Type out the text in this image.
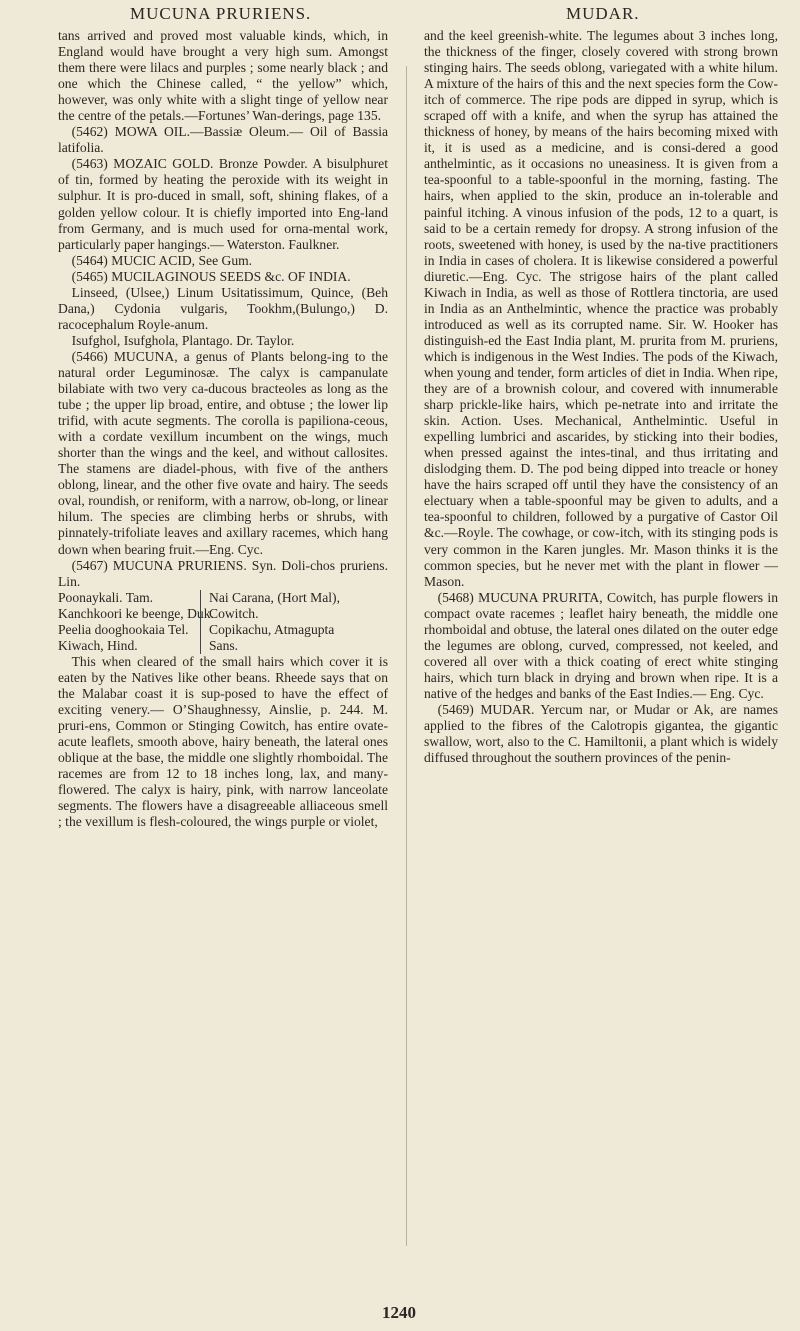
MUCUNA PRURIENS.	MUDAR.

tans arrived and proved most valuable kinds, which, in England would have brought a very high sum. Amongst them there were lilacs and purples ; some nearly black ; and one which the Chinese called, “ the yellow” which, however, was only white with a slight tinge of yellow near the centre of the petals.—Fortunes’ Wan-derings, page 135.

(5462) MOWA OIL.—Bassiæ Oleum.— Oil of Bassia latifolia.

(5463) MOZAIC GOLD. Bronze Powder. A bisulphuret of tin, formed by heating the peroxide with its weight in sulphur. It is pro-duced in small, soft, shining flakes, of a golden yellow colour. It is chiefly imported into Eng-land from Germany, and is much used for orna-mental work, particularly paper hangings.— Waterston. Faulkner.

(5464) MUCIC ACID, See Gum.

(5465) MUCILAGINOUS SEEDS &c. OF INDIA.

Linseed, (Ulsee,) Linum Usitatissimum, Quince, (Beh Dana,) Cydonia vulgaris, Tookhm,(Bulungo,) D. racocephalum Royle-anum.

Isufghol, Isufghola, Plantago. Dr. Taylor.

(5466) MUCUNA, a genus of Plants belong-ing to the natural order Leguminosæ. The calyx is campanulate bilabiate with two very ca-ducous bracteoles as long as the tube ; the upper lip broad, entire, and obtuse ; the lower lip trifid, with acute segments. The corolla is papiliona-ceous, with a cordate vexillum incumbent on the wings, much shorter than the wings and the keel, and without callosites. The stamens are diadel-phous, with five of the anthers oblong, linear, and the other five ovate and hairy. The seeds oval, roundish, or reniform, with a narrow, ob-long, or linear hilum. The species are climbing herbs or shrubs, with pinnately-trifoliate leaves and axillary racemes, which hang down when bearing fruit.—Eng. Cyc.

(5467) MUCUNA PRURIENS. Syn. Doli-chos pruriens. Lin.

Poonaykali. Tam.
Kanchkoori ke beenge, Duk.
Peelia dooghookaia Tel.
Kiwach, Hind.
Nai Carana, (Hort Mal),
Cowitch.
Copikachu, Atmagupta
Sans.

This when cleared of the small hairs which cover it is eaten by the Natives like other beans. Rheede says that on the Malabar coast it is sup-posed to have the effect of exciting venery.— O’Shaughnessy, Ainslie, p. 244. M. pruri-ens, Common or Stinging Cowitch, has entire ovate-acute leaflets, smooth above, hairy beneath, the lateral ones oblique at the base, the middle one slightly rhomboidal. The racemes are from 12 to 18 inches long, lax, and many-flowered. The calyx is hairy, pink, with narrow lanceolate segments. The flowers have a disagreeable alliaceous smell ; the vexillum is flesh-coloured, the wings purple or violet,

and the keel greenish-white. The legumes about 3 inches long, the thickness of the finger, closely covered with strong brown stinging hairs. The seeds oblong, variegated with a white hilum. A mixture of the hairs of this and the next species form the Cow-itch of commerce. The ripe pods are dipped in syrup, which is scraped off with a knife, and when the syrup has attained the thickness of honey, by means of the hairs becoming mixed with it, it is used as a medicine, and is consi-dered a good anthelmintic, as it occasions no uneasiness. It is given from a tea-spoonful to a table-spoonful in the morning, fasting. The hairs, when applied to the skin, produce an in-tolerable and painful itching. A vinous infusion of the pods, 12 to a quart, is said to be a certain remedy for dropsy. A strong infusion of the roots, sweetened with honey, is used by the na-tive practitioners in India in cases of cholera. It is likewise considered a powerful diuretic.—Eng. Cyc. The strigose hairs of the plant called Kiwach in India, as well as those of Rottlera tinctoria, are used in India as an Anthelmintic, whence the practice was probably introduced as well as its corrupted name. Sir. W. Hooker has distinguish-ed the East India plant, M. prurita from M. pruriens, which is indigenous in the West Indies. The pods of the Kiwach, when young and tender, form articles of diet in India. When ripe, they are of a brownish colour, and covered with innumerable sharp prickle-like hairs, which pe-netrate into and irritate the skin. Action. Uses. Mechanical, Anthelmintic. Useful in expelling lumbrici and ascarides, by sticking into their bodies, when pressed against the intes-tinal, and thus irritating and dislodging them. D. The pod being dipped into treacle or honey have the hairs scraped off until they have the consistency of an electuary when a table-spoonful may be given to adults, and a tea-spoonful to children, followed by a purgative of Castor Oil &c.—Royle. The cowhage, or cow-itch, with its stinging pods is very common in the Karen jungles. Mr. Mason thinks it is the common species, but he never met with the plant in flower —Mason.

(5468) MUCUNA PRURITA, Cowitch, has purple flowers in compact ovate racemes ; leaflet hairy beneath, the middle one rhomboidal and obtuse, the lateral ones dilated on the outer edge the legumes are oblong, curved, compressed, not keeled, and covered all over with a thick coating of erect white stinging hairs, which turn black in drying and brown when ripe. It is a native of the hedges and banks of the East Indies.— Eng. Cyc.

(5469) MUDAR. Yercum nar, or Mudar or Ak, are names applied to the fibres of the Calotropis gigantea, the gigantic swallow, wort, also to the C. Hamiltonii, a plant which is widely diffused throughout the southern provinces of the penin-

1240
